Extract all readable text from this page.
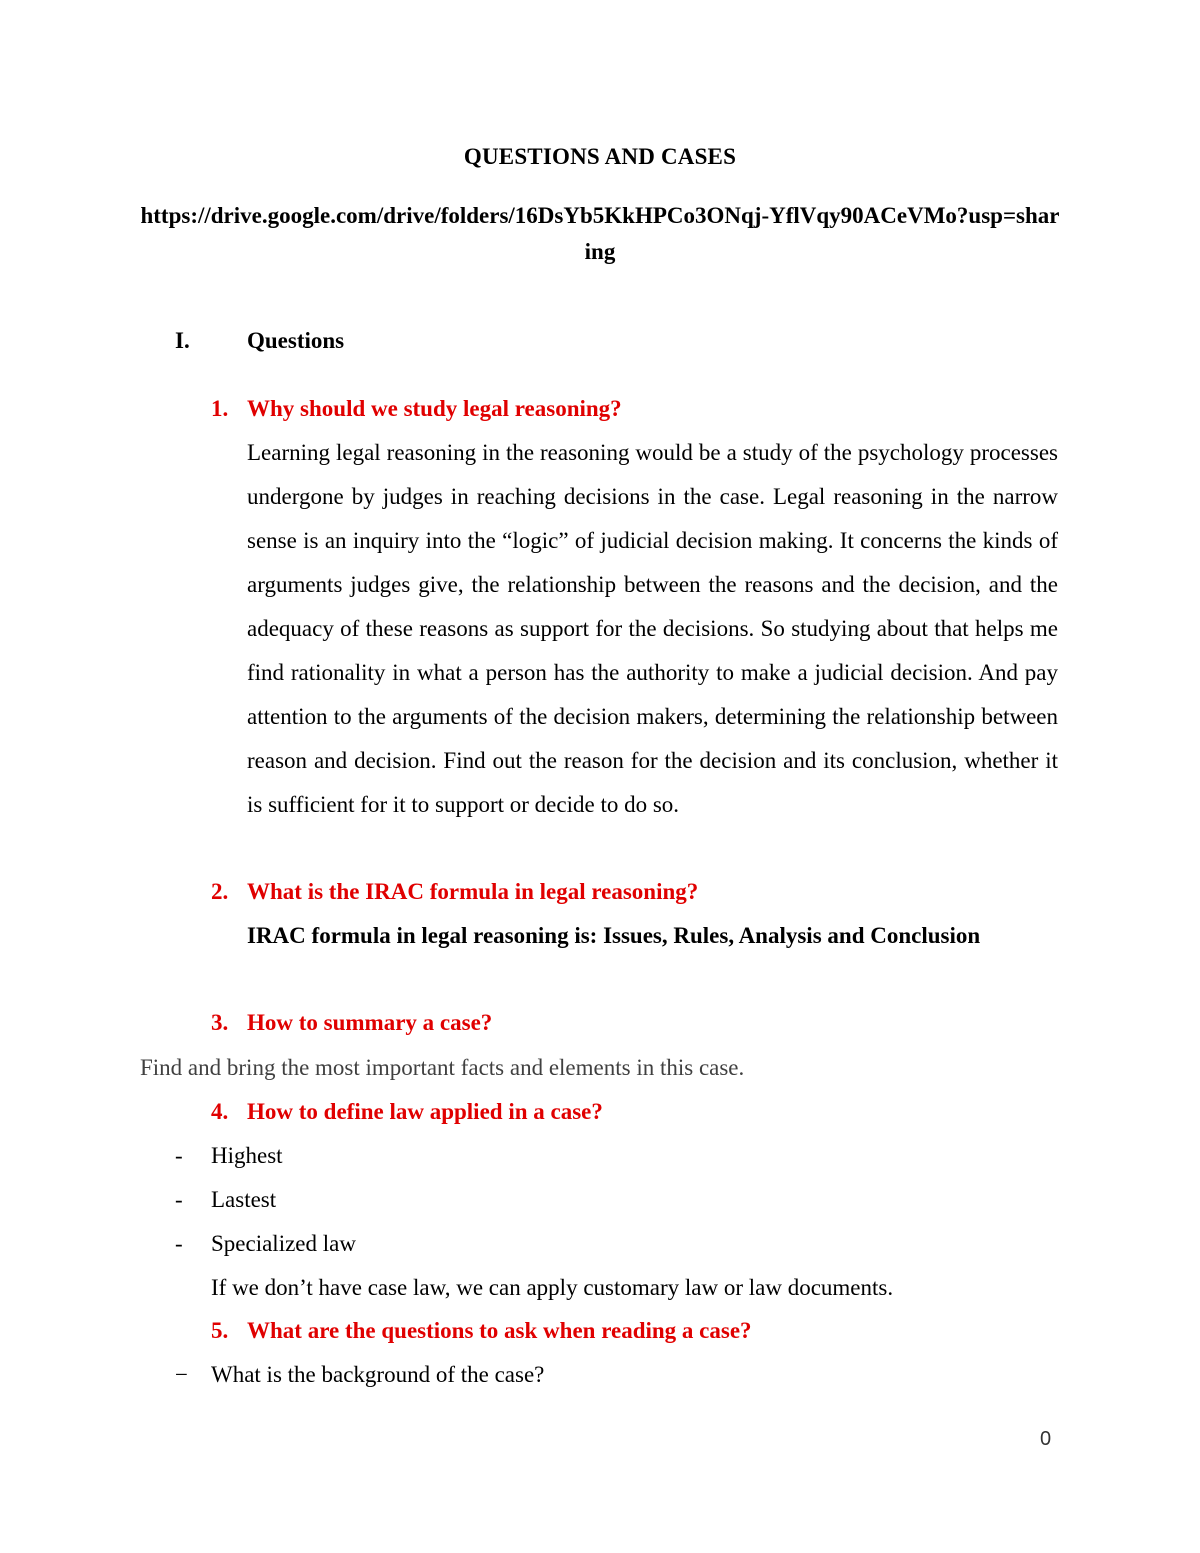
QUESTIONS AND CASES
https://drive.google.com/drive/folders/16DsYb5KkHPCo3ONqj-YflVqy90ACeVMo?usp=sharing
I. Questions
1. Why should we study legal reasoning?
Learning legal reasoning in the reasoning would be a study of the psychology processes undergone by judges in reaching decisions in the case. Legal reasoning in the narrow sense is an inquiry into the “logic” of judicial decision making. It concerns the kinds of arguments judges give, the relationship between the reasons and the decision, and the adequacy of these reasons as support for the decisions. So studying about that helps me find rationality in what a person has the authority to make a judicial decision. And pay attention to the arguments of the decision makers, determining the relationship between reason and decision. Find out the reason for the decision and its conclusion, whether it is sufficient for it to support or decide to do so.
2. What is the IRAC formula in legal reasoning?
IRAC formula in legal reasoning is: Issues, Rules, Analysis and Conclusion
3. How to summary a case?
Find and bring the most important facts and elements in this case.
4. How to define law applied in a case?
- Highest
- Lastest
- Specialized law
If we don’t have case law, we can apply customary law or law documents.
5. What are the questions to ask when reading a case?
− What is the background of the case?
0
